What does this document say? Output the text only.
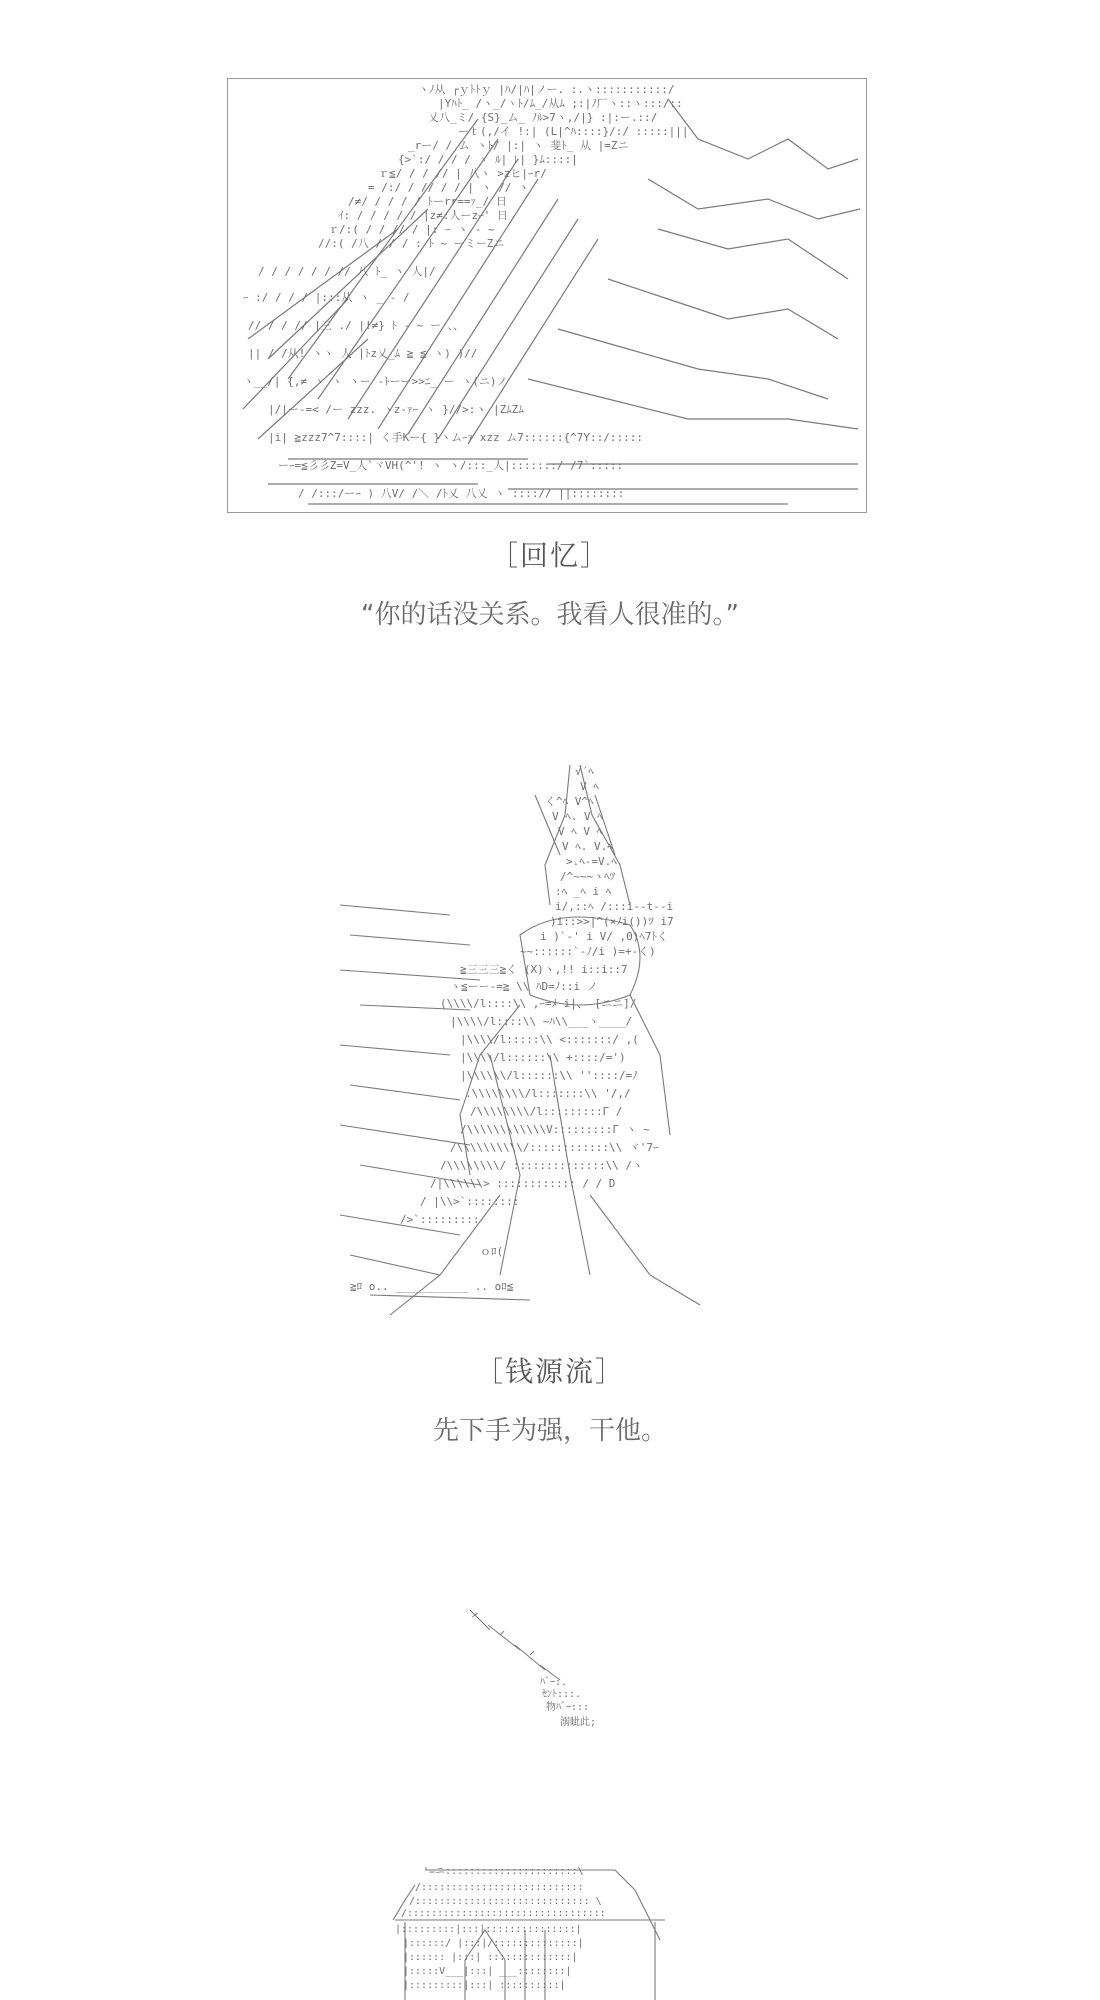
ヽﾉ从 ┌ｙﾄﾄｙ |ﾊ/|ﾊ|ノー. :.ヽ:::::::::::/
|Yﾊﾄ_ /ヽ_/ヽﾄ/ﾑ_/从ﾑ ;:|ﾉ厂ヽ::ヽ:::/::
乂八_ミ/ {S}_ム_ ﾉﾙ>7ヽ,/|} :|:ー.::/
ーｔ(,/イ !:| (L|^ﾊ::::}/:/ :::::|||
_rー/ / ム ヽﾄ/ |:| ヽ 斐ﾄ_ 从 |=Zニ
{>`:/ / / / ヽ ﾙ| ﾚ| }ﾑ::::|
ｒ≦/ / / // | 八ヽ >zヒ|ｰr/
= /:/ / // / / | ヽ // ヽ
/≠/ / / / / ﾄーrr==ｧ_/ 日
ｲ: / / / / / |z≠:人ーzｰ' 日
ｒ/:( / / // / |: ｰ ヽ - ~
//:( /八 / / / : ﾄ ~ ーミーZニ
/ / / / / / // 八 ﾄ_ ヽ 人|/
ｰ :/ / / / |:::从 ヽ _ - /
// / / // |三 ./ |!≠} ﾄ - ~ ー 、、
|| / /从! ヽヽ 人 |ﾄz乂_ﾑ ≧ ≦ ヽ) )//
ヽ__/| {,≠ ヽ ヽ ヽー -ﾄーー>>ﾆ_ ー ヽ(ニ)ノ
|/|ー-=< /ー zzz. ヽz-ｧｰ ヽ }//>:ヽ |ZﾑZﾑ
|i| ≧zzz7^7::::| く手Kー{ }ヽムｰｧ xzz ム7::::::{^7Y::/:::::
ーｰ=≦彡彡Z=V_人`ヾVH(^'! ヽ ヽ/:::_人|:::::::/ /7`:::::
/ /:::/ーｰ ) 八V/ /＼ /ﾄ乂 八乂 ヽ ::::// ||::::::::
［回忆］
“你的话没关系。我看人很准的。”
√´ﾍ
V ﾍ
く^ﾍ V^ﾍ
V ﾍ. V ﾍ
V ﾍ V ﾍ
V ﾍ. V.ﾍ
>.ﾍ-=V.ﾍ
/^~~~ヽﾍﾂ
:ﾍ _ﾍ i ﾍ
i/,::ﾍ /:::i--t--i
)i::>>|^(×ﾉi())ﾂ i7
i )`-' i V/ ,0)ﾍ7ﾄく
~~::::::`-ﾉ/i )=+-く)
≧三三三≧く (X)ヽ,!! i::i::7
ヽ≦ーー-=≧ \\ ﾊD=ﾉ::i ノ
(\\\\/l::::\\ ,ｰ=ﾒ i|、 [ニニ]/
|\\\\/l::::\\ ~ﾊ\\___ヽ____/
|\\\\/l:::::\\ <:::::::/ ,(
|\\\\/l::::::\\ +::::/=')
|\\\\\\/l::::::\\ ''::::/=ﾉ
.\\\\\\\\/l:::::::\\ '/,/
/\\\\\\\\/l:::::::::Г /
/\\\\\\\\\\\\V:::::::::Г ヽ ~
/\\\\\\\\\\/::::::::::::\\ ヾ'7ｰ
/\\\\\\\\/ ::::::::::::::\\ /ヽ
/|\\\\\\> :::::::::::: / / D
/ |\\>`::::::::
/>`:::::::::
ｏﾛ(
≧ﾛ o.. ___________ .. oﾛ≦
［钱源流］
先下手为强，干他。
ﾊﾞｰ:.
ｾﾝﾄ:::.
物ﾊﾞｰ:::
溺眦此;
'=ニ::::::::::::::::::::::\
/:::::::::::::::::::::::::::
/::::::::::::::::::::::::::::: \
/:::::::::::::::::::::::::::::::::
|:::::::::|:::|:::::::::::::::|
|::::::/ |:::|/::::::::::::::|
|:::::: |:::| ::::::::::::::|
|:::::V___|:::| ___::::::::|
|:::::::::|:::| ::::::::::|
